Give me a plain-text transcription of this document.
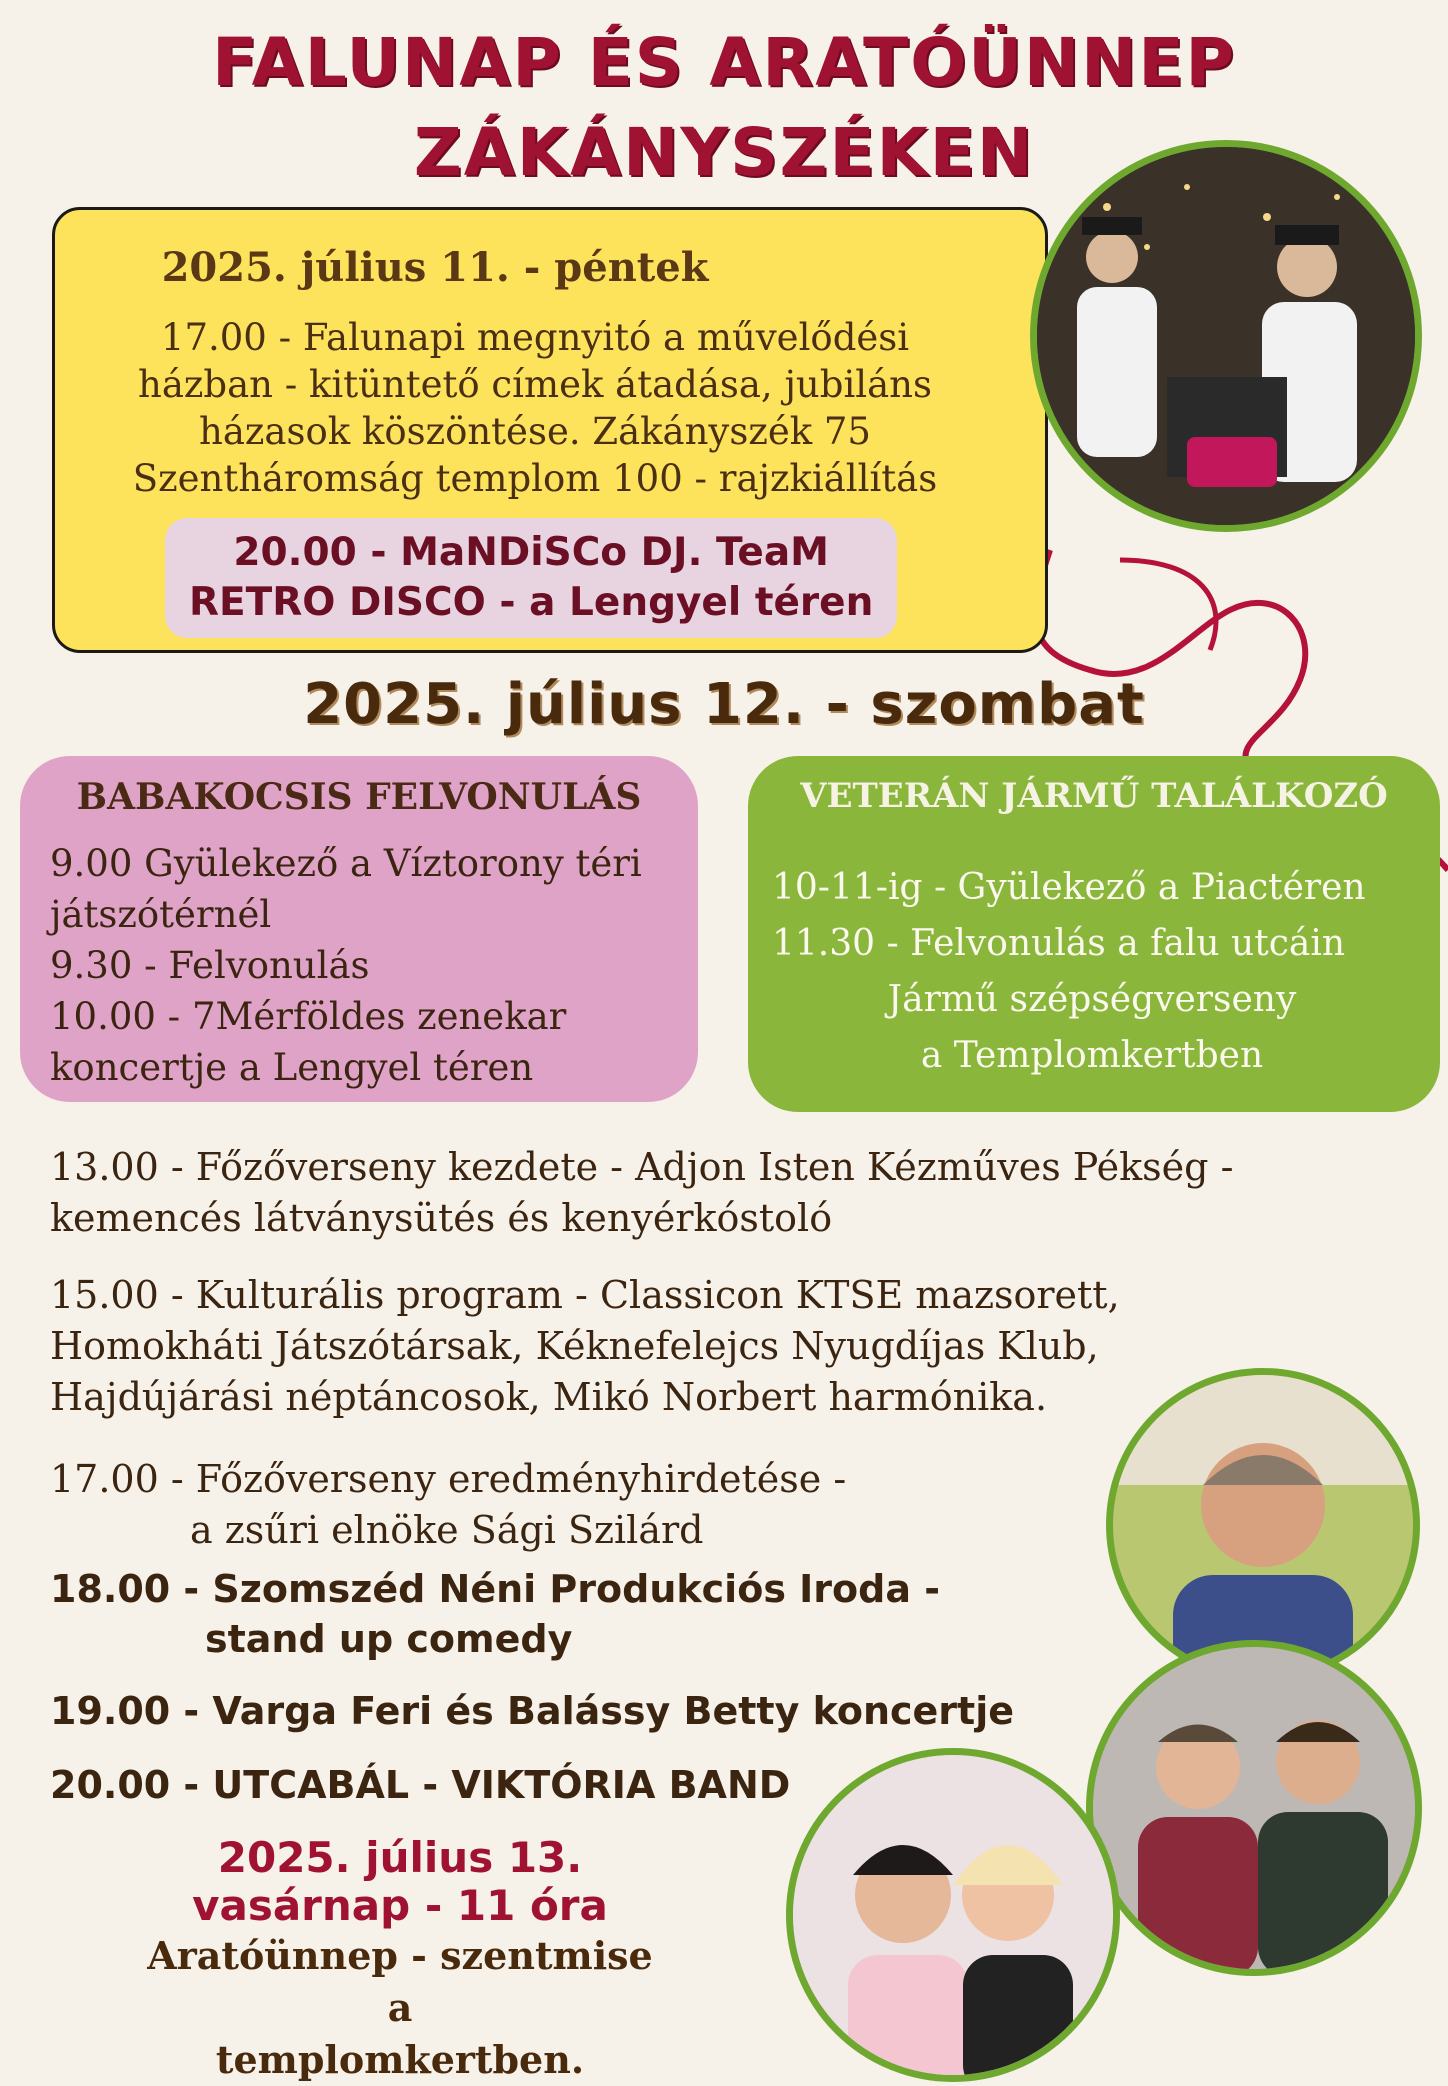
FALUNAP ÉS ARATÓÜNNEP
ZÁKÁNYSZÉKEN
2025. július 11. - péntek
17.00 - Falunapi megnyitó a művelődési
házban - kitüntető címek átadása, jubiláns
házasok köszöntése. Zákányszék 75
Szentháromság templom 100 - rajzkiállítás
20.00 - MaNDiSCo DJ. TeaM
RETRO DISCO - a Lengyel téren
2025. július 12. - szombat
BABAKOCSIS FELVONULÁS
9.00 Gyülekező a Víztorony téri
játszótérnél
9.30 - Felvonulás
10.00 - 7Mérföldes zenekar
koncertje a Lengyel téren
VETERÁN JÁRMŰ TALÁLKOZÓ
10-11-ig - Gyülekező a Piactéren
11.30 - Felvonulás a falu utcáin
Jármű szépségverseny
a Templomkertben
13.00 - Főzőverseny kezdete - Adjon Isten Kézműves Pékség -
kemencés látványsütés és kenyérkóstoló
15.00 - Kulturális program - Classicon KTSE mazsorett,
Homokháti Játszótársak, Kéknefelejcs Nyugdíjas Klub,
Hajdújárási néptáncosok, Mikó Norbert harmónika.
17.00 - Főzőverseny eredményhirdetése -
a zsűri elnöke Sági Szilárd
18.00 - Szomszéd Néni Produkciós Iroda -
stand up comedy
19.00 - Varga Feri és Balássy Betty koncertje
20.00 - UTCABÁL - VIKTÓRIA BAND
2025. július 13.
vasárnap - 11 óra
Aratóünnep - szentmise a
templomkertben.
